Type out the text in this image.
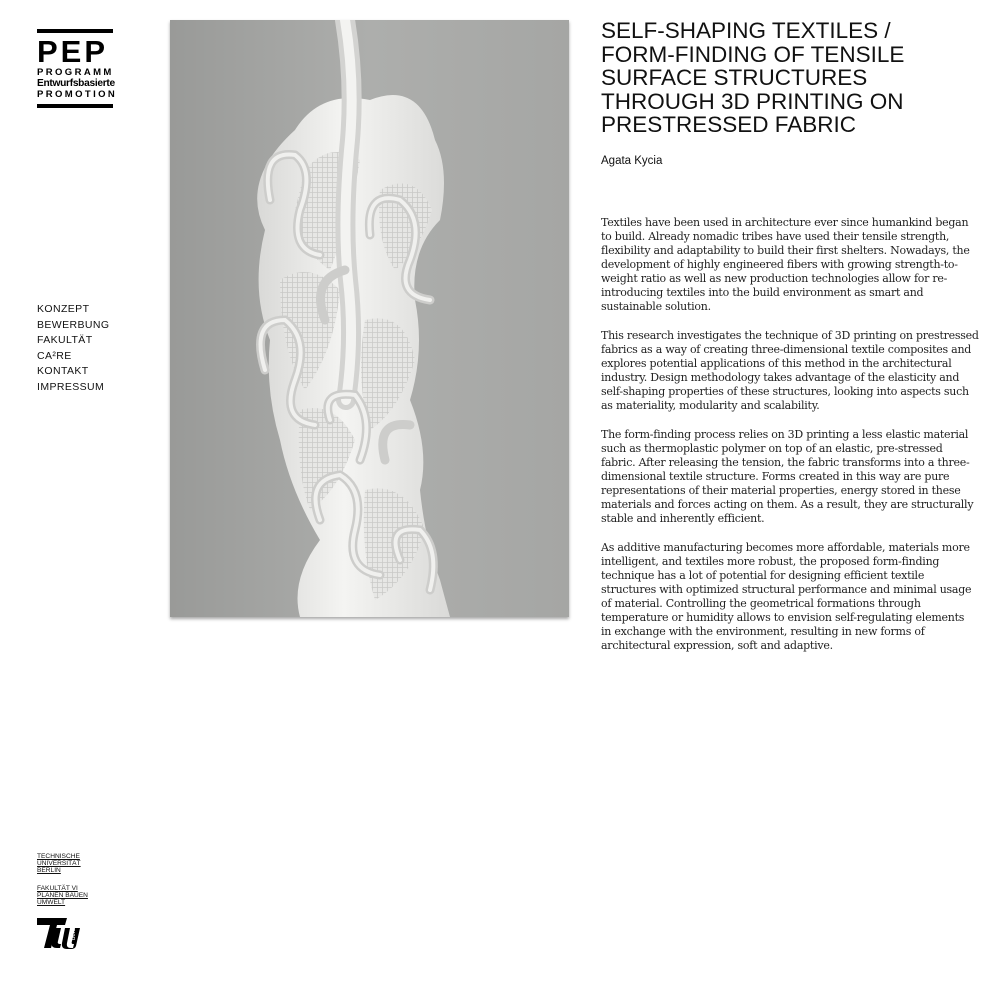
PEP
PROGRAMM
Entwurfsbasierte
PROMOTION
KONZEPT
BEWERBUNG
FAKULTÄT
CA²RE
KONTAKT
IMPRESSUM
TECHNISCHE
UNIVERSITÄT
BERLIN
FAKULTÄT VI
PLANEN BAUEN
UMWELT
berlin
SELF-SHAPING TEXTILES /
FORM-FINDING OF TENSILE
SURFACE STRUCTURES
THROUGH 3D PRINTING ON
PRESTRESSED FABRIC

Agata Kycia

Textiles have been used in architecture ever since humankind began
to build. Already nomadic tribes have used their tensile strength,
flexibility and adaptability to build their first shelters. Nowadays, the
development of highly engineered fibers with growing strength-to-
weight ratio as well as new production technologies allow for re-
introducing textiles into the build environment as smart and
sustainable solution.

This research investigates the technique of 3D printing on prestressed
fabrics as a way of creating three-dimensional textile composites and
explores potential applications of this method in the architectural
industry. Design methodology takes advantage of the elasticity and
self-shaping properties of these structures, looking into aspects such
as materiality, modularity and scalability.

The form-finding process relies on 3D printing a less elastic material
such as thermoplastic polymer on top of an elastic, pre-stressed
fabric. After releasing the tension, the fabric transforms into a three-
dimensional textile structure. Forms created in this way are pure
representations of their material properties, energy stored in these
materials and forces acting on them. As a result, they are structurally
stable and inherently efficient.

As additive manufacturing becomes more affordable, materials more
intelligent, and textiles more robust, the proposed form-finding
technique has a lot of potential for designing efficient textile
structures with optimized structural performance and minimal usage
of material. Controlling the geometrical formations through
temperature or humidity allows to envision self-regulating elements
in exchange with the environment, resulting in new forms of
architectural expression, soft and adaptive.
